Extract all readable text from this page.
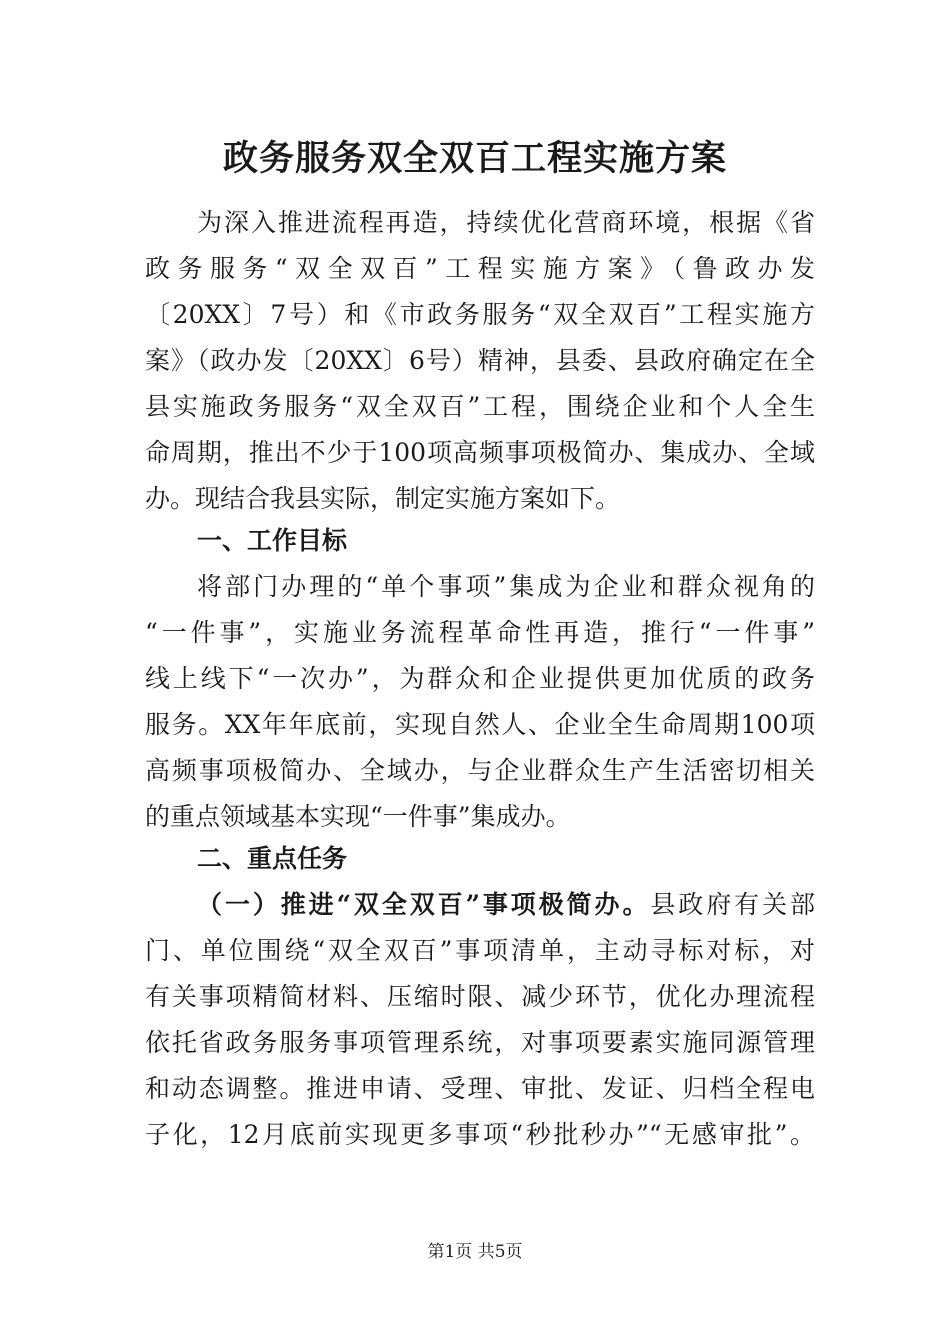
政务服务双全双百工程实施方案
为深入推进流程再造，持续优化营商环境，根据《省
政务服务“双全双百”工程实施方案》（鲁政办发
〔20XX〕7号）和《市政务服务“双全双百”工程实施方
案》（政办发〔20XX〕6号）精神，县委、县政府确定在全
县实施政务服务“双全双百”工程，围绕企业和个人全生
命周期，推出不少于100项高频事项极简办、集成办、全域
办。现结合我县实际，制定实施方案如下。
一、工作目标
将部门办理的“单个事项”集成为企业和群众视角的
“一件事”，实施业务流程革命性再造，推行“一件事”
线上线下“一次办”，为群众和企业提供更加优质的政务
服务。XX年年底前，实现自然人、企业全生命周期100项
高频事项极简办、全域办，与企业群众生产生活密切相关
的重点领域基本实现“一件事”集成办。
二、重点任务
（一）推进“双全双百”事项极简办。县政府有关部
门、单位围绕“双全双百”事项清单，主动寻标对标，对
有关事项精简材料、压缩时限、减少环节，优化办理流程
依托省政务服务事项管理系统，对事项要素实施同源管理
和动态调整。推进申请、受理、审批、发证、归档全程电
子化，12月底前实现更多事项“秒批秒办”“无感审批”。
第1页 共5页
